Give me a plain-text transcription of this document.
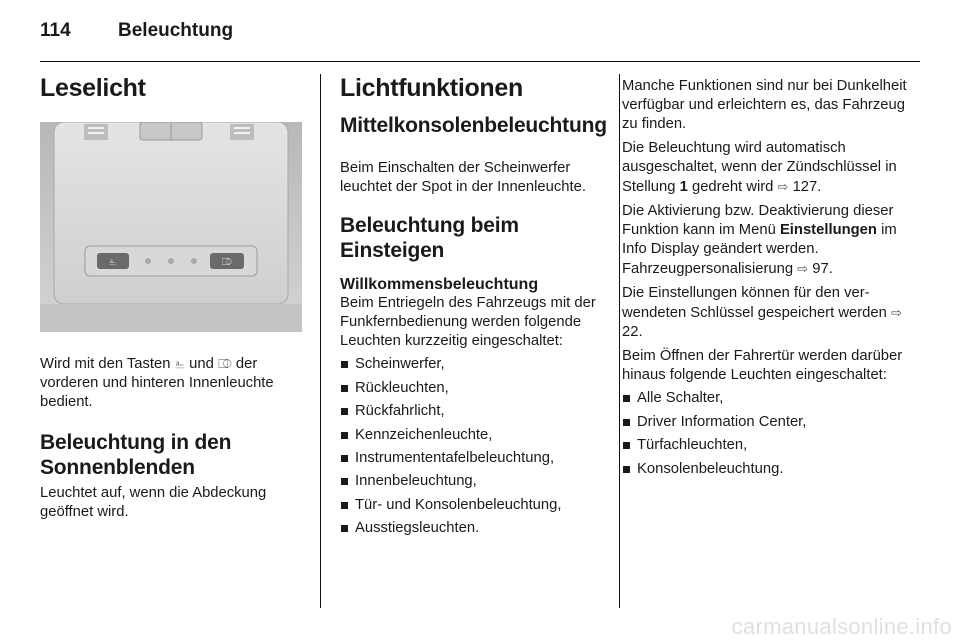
114 Beleuchtung
Leselicht
⎁	⎄

Wird mit den Tasten ⎁ und ⎄ der vorderen und hinteren Innenleuchte bedient.

Beleuchtung in den Sonnenblenden

Leuchtet auf, wenn die Abdeckung geöffnet wird.

Lichtfunktionen
Mittelkonsolenbeleuchtung

Beim Einschalten der Scheinwerfer leuchtet der Spot in der Innenleuchte.

Beleuchtung beim Einsteigen
Willkommensbeleuchtung

Beim Entriegeln des Fahrzeugs mit der Funkfernbedienung werden folgende Leuchten kurzzeitig eingeschaltet:

Scheinwerfer,
Rückleuchten,
Rückfahrlicht,
Kennzeichenleuchte,
Instrumententafelbeleuchtung,
Innenbeleuchtung,
Tür- und Konsolenbeleuchtung,
Ausstiegsleuchten.

Manche Funktionen sind nur bei Dunkelheit verfügbar und erleichtern es, das Fahrzeug zu finden.

Die Beleuchtung wird automatisch ausgeschaltet, wenn der Zündschlüssel in Stellung 1 gedreht wird ⇨ 127.

Die Aktivierung bzw. Deaktivierung dieser Funktion kann im Menü Einstellungen im Info Display geändert werden. Fahrzeugpersonalisierung ⇨ 97.

Die Einstellungen können für den verwendeten Schlüssel gespeichert werden ⇨ 22.

Beim Öffnen der Fahrertür werden darüber hinaus folgende Leuchten eingeschaltet:

Alle Schalter,
Driver Information Center,
Türfachleuchten,
Konsolenbeleuchtung.
carmanualsonline.info
